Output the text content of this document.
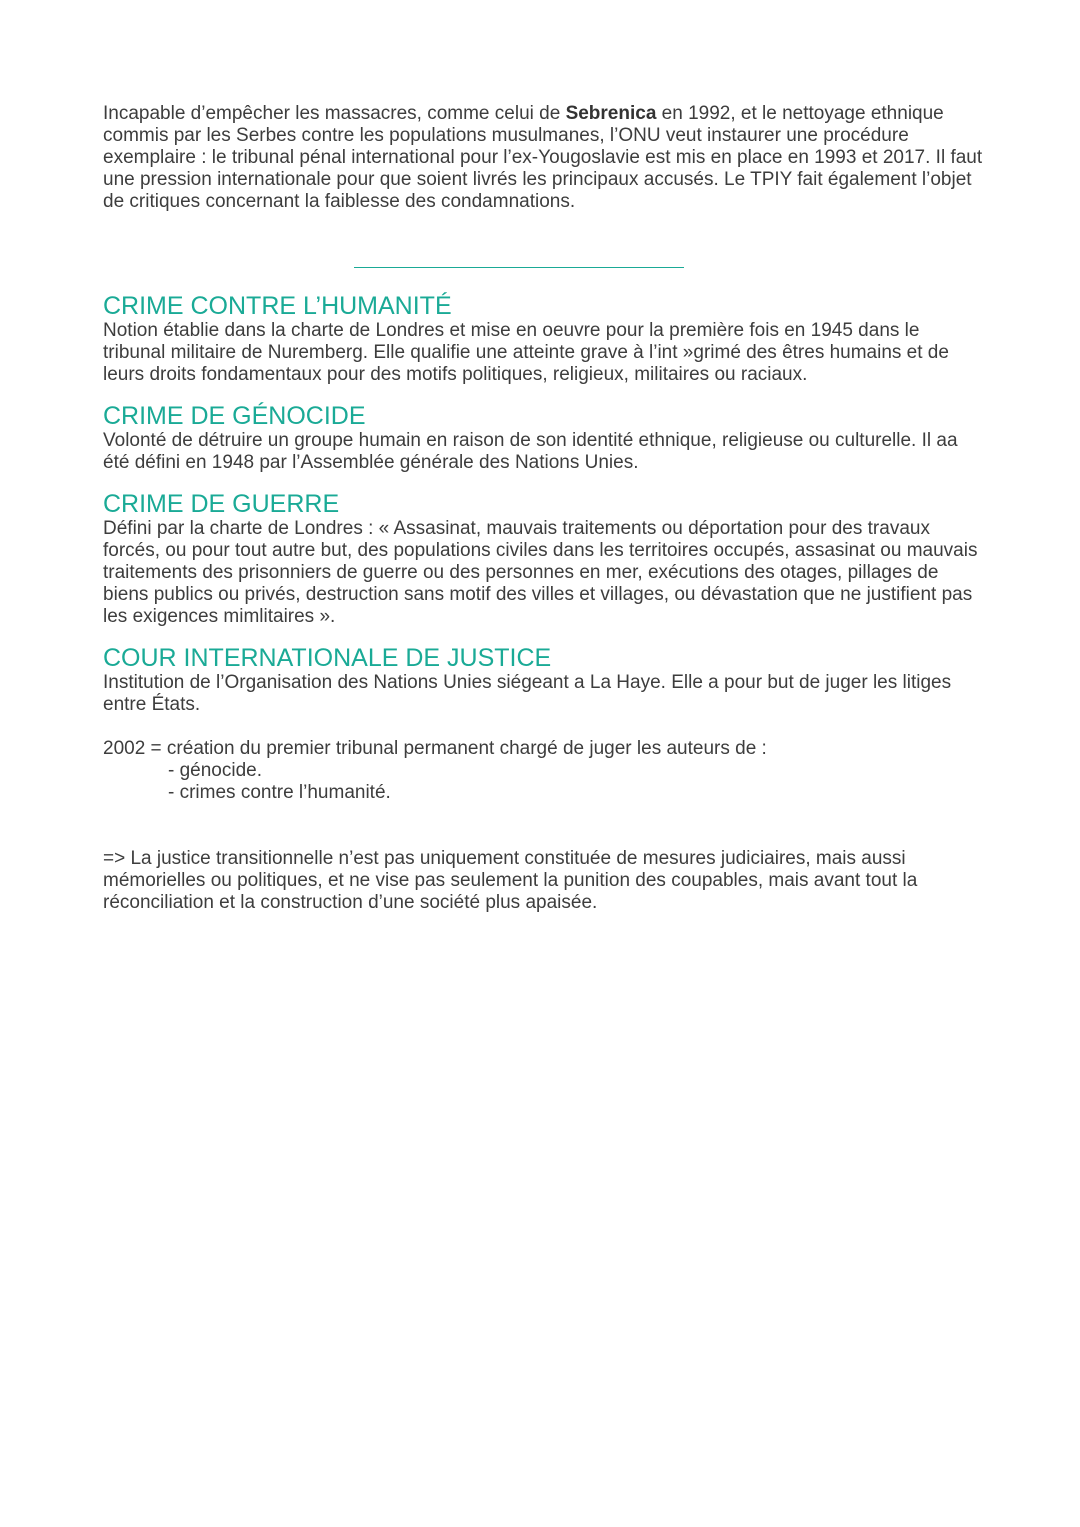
Incapable d’empêcher les massacres, comme celui de Sebrenica en 1992, et le nettoyage ethnique commis par les Serbes contre les populations musulmanes, l’ONU veut instaurer une procédure exemplaire : le tribunal pénal international pour l’ex-Yougoslavie est mis en place en 1993 et 2017. Il faut une pression internationale pour que soient livrés les principaux accusés. Le TPIY fait également l’objet de critiques concernant la faiblesse des condamnations.

CRIME CONTRE L’HUMANITÉ

Notion établie dans la charte de Londres et mise en oeuvre pour la première fois en 1945 dans le tribunal militaire de Nuremberg. Elle qualifie une atteinte grave à l’int »grimé des êtres humains et de leurs droits fondamentaux pour des motifs politiques, religieux, militaires ou raciaux.

CRIME DE GÉNOCIDE

Volonté de détruire un groupe humain en raison de son identité ethnique, religieuse ou culturelle. Il aa été défini en 1948 par l’Assemblée générale des Nations Unies.

CRIME DE GUERRE

Défini par la charte de Londres : « Assasinat, mauvais traitements ou déportation pour des travaux forcés, ou pour tout autre but, des populations civiles dans les territoires occupés, assasinat ou mauvais traitements des prisonniers de guerre ou des personnes en mer, exécutions des otages, pillages de biens publics ou privés, destruction sans motif des villes et villages, ou dévastation que ne justifient pas les exigences mimlitaires ».

COUR INTERNATIONALE DE JUSTICE

Institution de l’Organisation des Nations Unies siégeant a La Haye. Elle a pour but de juger les litiges entre États.

2002 = création du premier tribunal permanent chargé de juger les auteurs de :

- génocide.
- crimes contre l’humanité.

=> La justice transitionnelle n’est pas uniquement constituée de mesures judiciaires, mais aussi mémorielles ou politiques, et ne vise pas seulement la punition des coupables, mais avant tout la réconciliation et la construction d’une société plus apaisée.
